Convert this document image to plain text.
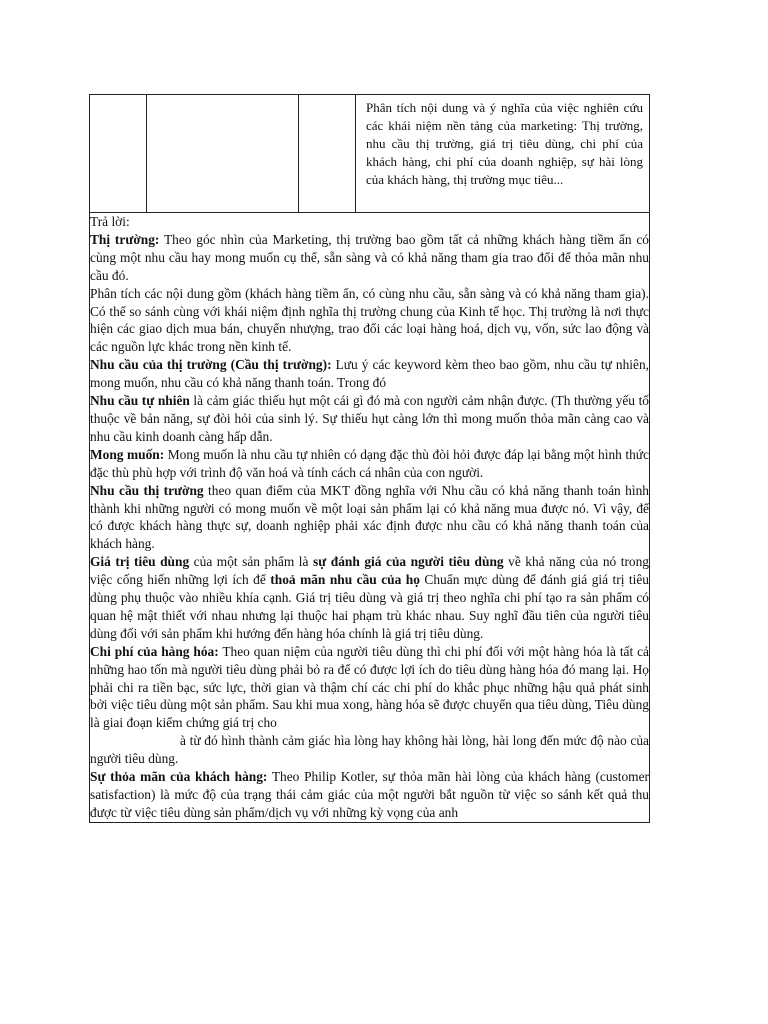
Phân tích nội dung và ý nghĩa của việc nghiên cứu các khái niệm nền tảng của marketing: Thị trường, nhu cầu thị trường, giá trị tiêu dùng, chi phí của khách hàng, chi phí của doanh nghiệp, sự hài lòng của khách hàng, thị trường mục tiêu...

Trả lời:

Thị trường: Theo góc nhìn của Marketing, thị trường bao gồm tất cả những khách hàng tiềm ẩn có cùng một nhu cầu hay mong muốn cụ thể, sẵn sàng và có khả năng tham gia trao đổi để thỏa mãn nhu cầu đó.

Phân tích các nội dung gồm (khách hàng tiềm ẩn, có cùng nhu cầu, sẵn sàng và có khả năng tham gia). Có thể so sánh cùng với khái niệm định nghĩa thị trường chung của Kinh tế học. Thị trường là nơi thực hiện các giao dịch mua bán, chuyển nhượng, trao đổi các loại hàng hoá, dịch vụ, vốn, sức lao động và các nguồn lực khác trong nền kinh tế.

Nhu cầu của thị trường (Cầu thị trường): Lưu ý các keyword kèm theo bao gồm, nhu cầu tự nhiên, mong muốn, nhu cầu có khả năng thanh toán. Trong đó

Nhu cầu tự nhiên là cảm giác thiếu hụt một cái gì đó mà con người cảm nhận được. (Th thường yếu tố thuộc về bản năng, sự đòi hỏi của sinh lý. Sự thiếu hụt càng lớn thì mong muốn thỏa mãn càng cao và nhu cầu kinh doanh càng hấp dẫn.

Mong muốn: Mong muốn là nhu cầu tự nhiên có dạng đặc thù đòi hỏi được đáp lại bằng một hình thức đặc thù phù hợp với trình độ văn hoá và tính cách cá nhân của con người.

Nhu cầu thị trường theo quan điểm của MKT đồng nghĩa với Nhu cầu có khả năng thanh toán hình thành khi những người có mong muốn về một loại sản phẩm lại có khả năng mua được nó. Vì vậy, để có được khách hàng thực sự, doanh nghiệp phải xác định được nhu cầu có khả năng thanh toán của khách hàng.

Giá trị tiêu dùng của một sản phẩm là sự đánh giá của người tiêu dùng về khả năng của nó trong việc cống hiến những lợi ích để thoả mãn nhu cầu của họ Chuẩn mực dùng để đánh giá giá trị tiêu dùng phụ thuộc vào nhiều khía cạnh. Giá trị tiêu dùng và giá trị theo nghĩa chi phí tạo ra sản phẩm có quan hệ mật thiết với nhau nhưng lại thuộc hai phạm trù khác nhau. Suy nghĩ đầu tiên của người tiêu dùng đối với sản phẩm khi hướng đến hàng hóa chính là giá trị tiêu dùng.

Chi phí của hàng hóa: Theo quan niệm của người tiêu dùng thì chi phí đối với một hàng hóa là tất cả những hao tốn mà người tiêu dùng phải bỏ ra để có được lợi ích do tiêu dùng hàng hóa đó mang lại. Họ phải chi ra tiền bạc, sức lực, thời gian và thậm chí các chi phí do khắc phục những hậu quả phát sinh bởi việc tiêu dùng một sản phẩm. Sau khi mua xong, hàng hóa sẽ được chuyển qua tiêu dùng, Tiêu dùng là giai đoạn kiểm chứng giá trị cho
à từ đó hình thành cảm giác hìa lòng hay không hài lòng, hài long đến mức độ nào của người tiêu dùng.

Sự thỏa mãn của khách hàng: Theo Philip Kotler, sự thỏa mãn hài lòng của khách hàng (customer satisfaction) là mức độ của trạng thái cảm giác của một người bắt nguồn từ việc so sánh kết quả thu được từ việc tiêu dùng sản phẩm/dịch vụ với những kỳ vọng của anh
